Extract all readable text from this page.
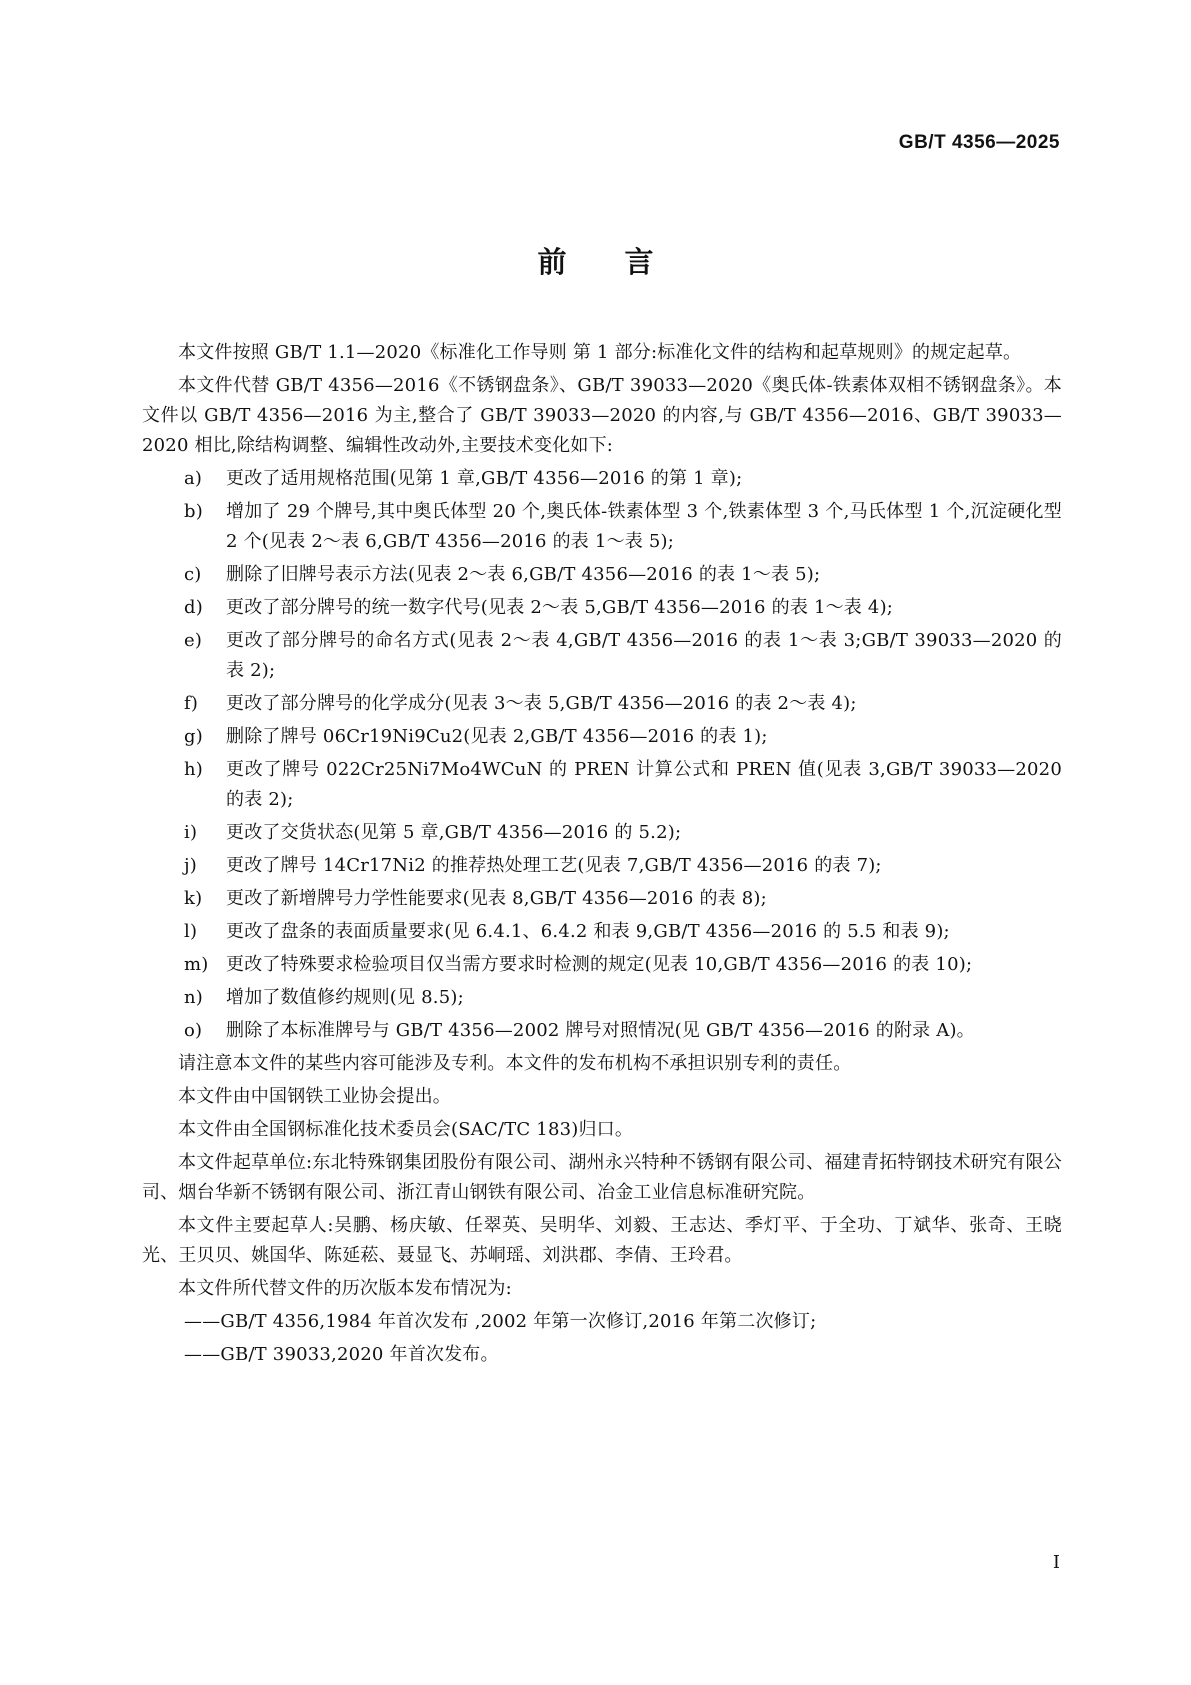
GB/T 4356—2025
前言

本文件按照 GB/T 1.1—2020《标准化工作导则 第 1 部分:标准化文件的结构和起草规则》的规定起草。

本文件代替 GB/T 4356—2016《不锈钢盘条》、GB/T 39033—2020《奥氏体-铁素体双相不锈钢盘条》。本文件以 GB/T 4356—2016 为主,整合了 GB/T 39033—2020 的内容,与 GB/T 4356—2016、GB/T 39033—2020 相比,除结构调整、编辑性改动外,主要技术变化如下:

a) 更改了适用规格范围(见第 1 章,GB/T 4356—2016 的第 1 章);
b) 增加了 29 个牌号,其中奥氏体型 20 个,奥氏体-铁素体型 3 个,铁素体型 3 个,马氏体型 1 个,沉淀硬化型 2 个(见表 2～表 6,GB/T 4356—2016 的表 1～表 5);
c) 删除了旧牌号表示方法(见表 2～表 6,GB/T 4356—2016 的表 1～表 5);
d) 更改了部分牌号的统一数字代号(见表 2～表 5,GB/T 4356—2016 的表 1～表 4);
e) 更改了部分牌号的命名方式(见表 2～表 4,GB/T 4356—2016 的表 1～表 3;GB/T 39033—2020 的表 2);
f) 更改了部分牌号的化学成分(见表 3～表 5,GB/T 4356—2016 的表 2～表 4);
g) 删除了牌号 06Cr19Ni9Cu2(见表 2,GB/T 4356—2016 的表 1);
h) 更改了牌号 022Cr25Ni7Mo4WCuN 的 PREN 计算公式和 PREN 值(见表 3,GB/T 39033—2020 的表 2);
i) 更改了交货状态(见第 5 章,GB/T 4356—2016 的 5.2);
j) 更改了牌号 14Cr17Ni2 的推荐热处理工艺(见表 7,GB/T 4356—2016 的表 7);
k) 更改了新增牌号力学性能要求(见表 8,GB/T 4356—2016 的表 8);
l) 更改了盘条的表面质量要求(见 6.4.1、6.4.2 和表 9,GB/T 4356—2016 的 5.5 和表 9);
m) 更改了特殊要求检验项目仅当需方要求时检测的规定(见表 10,GB/T 4356—2016 的表 10);
n) 增加了数值修约规则(见 8.5);
o) 删除了本标准牌号与 GB/T 4356—2002 牌号对照情况(见 GB/T 4356—2016 的附录 A)。

请注意本文件的某些内容可能涉及专利。本文件的发布机构不承担识别专利的责任。

本文件由中国钢铁工业协会提出。

本文件由全国钢标准化技术委员会(SAC/TC 183)归口。

本文件起草单位:东北特殊钢集团股份有限公司、湖州永兴特种不锈钢有限公司、福建青拓特钢技术研究有限公司、烟台华新不锈钢有限公司、浙江青山钢铁有限公司、冶金工业信息标准研究院。

本文件主要起草人:吴鹏、杨庆敏、任翠英、吴明华、刘毅、王志达、季灯平、于全功、丁斌华、张奇、王晓光、王贝贝、姚国华、陈延菘、聂显飞、苏峒瑶、刘洪郡、李倩、王玲君。

本文件所代替文件的历次版本发布情况为:

——GB/T 4356,1984 年首次发布 ,2002 年第一次修订,2016 年第二次修订;
——GB/T 39033,2020 年首次发布。
I
